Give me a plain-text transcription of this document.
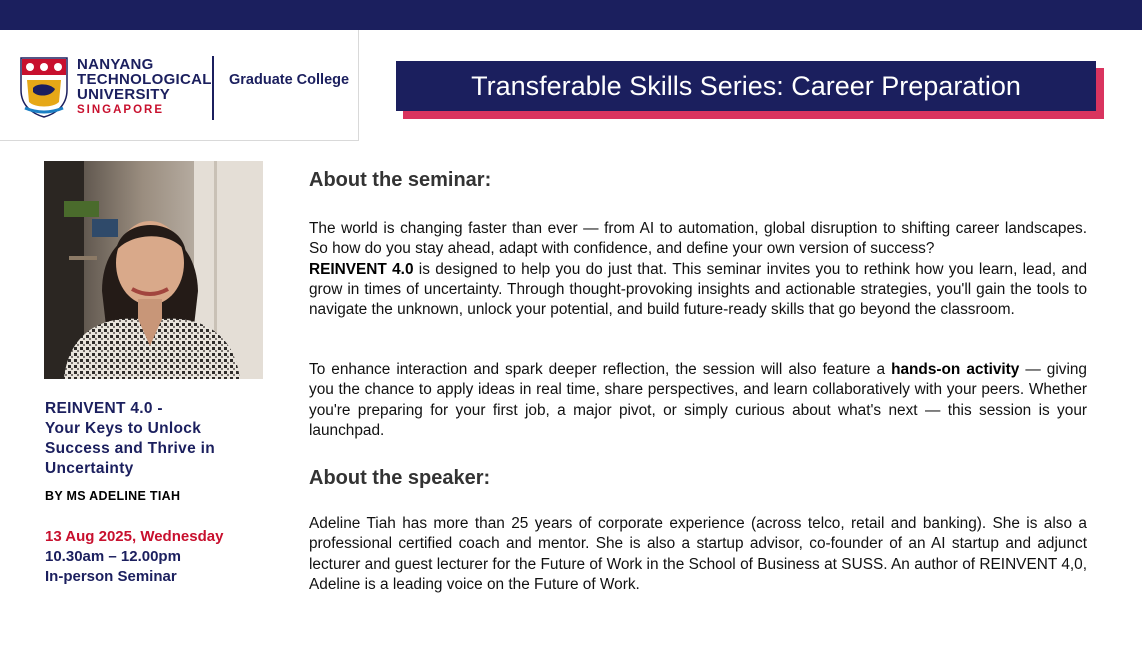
NANYANG
TECHNOLOGICAL
UNIVERSITY
SINGAPORE
Graduate College	Transferable Skills Series: Career Preparation
REINVENT 4.0 -
Your Keys to Unlock
Success and Thrive in
Uncertainty
BY MS ADELINE TIAH
13 Aug 2025, Wednesday
10.30am – 12.00pm
In-person Seminar
About the seminar:

The world is changing faster than ever — from AI to automation, global disruption to shifting career landscapes. So how do you stay ahead, adapt with confidence, and define your own version of success?
REINVENT 4.0 is designed to help you do just that. This seminar invites you to rethink how you learn, lead, and grow in times of uncertainty. Through thought-provoking insights and actionable strategies, you'll gain the tools to navigate the unknown, unlock your potential, and build future-ready skills that go beyond the classroom.

To enhance interaction and spark deeper reflection, the session will also feature a hands-on activity — giving you the chance to apply ideas in real time, share perspectives, and learn collaboratively with your peers. Whether you're preparing for your first job, a major pivot, or simply curious about what's next — this session is your launchpad.

About the speaker:

Adeline Tiah has more than 25 years of corporate experience (across telco, retail and banking). She is also a professional certified coach and mentor. She is also a startup advisor, co-founder of an AI startup and adjunct lecturer and guest lecturer for the Future of Work in the School of Business at SUSS. An author of REINVENT 4,0, Adeline is a leading voice on the Future of Work.
